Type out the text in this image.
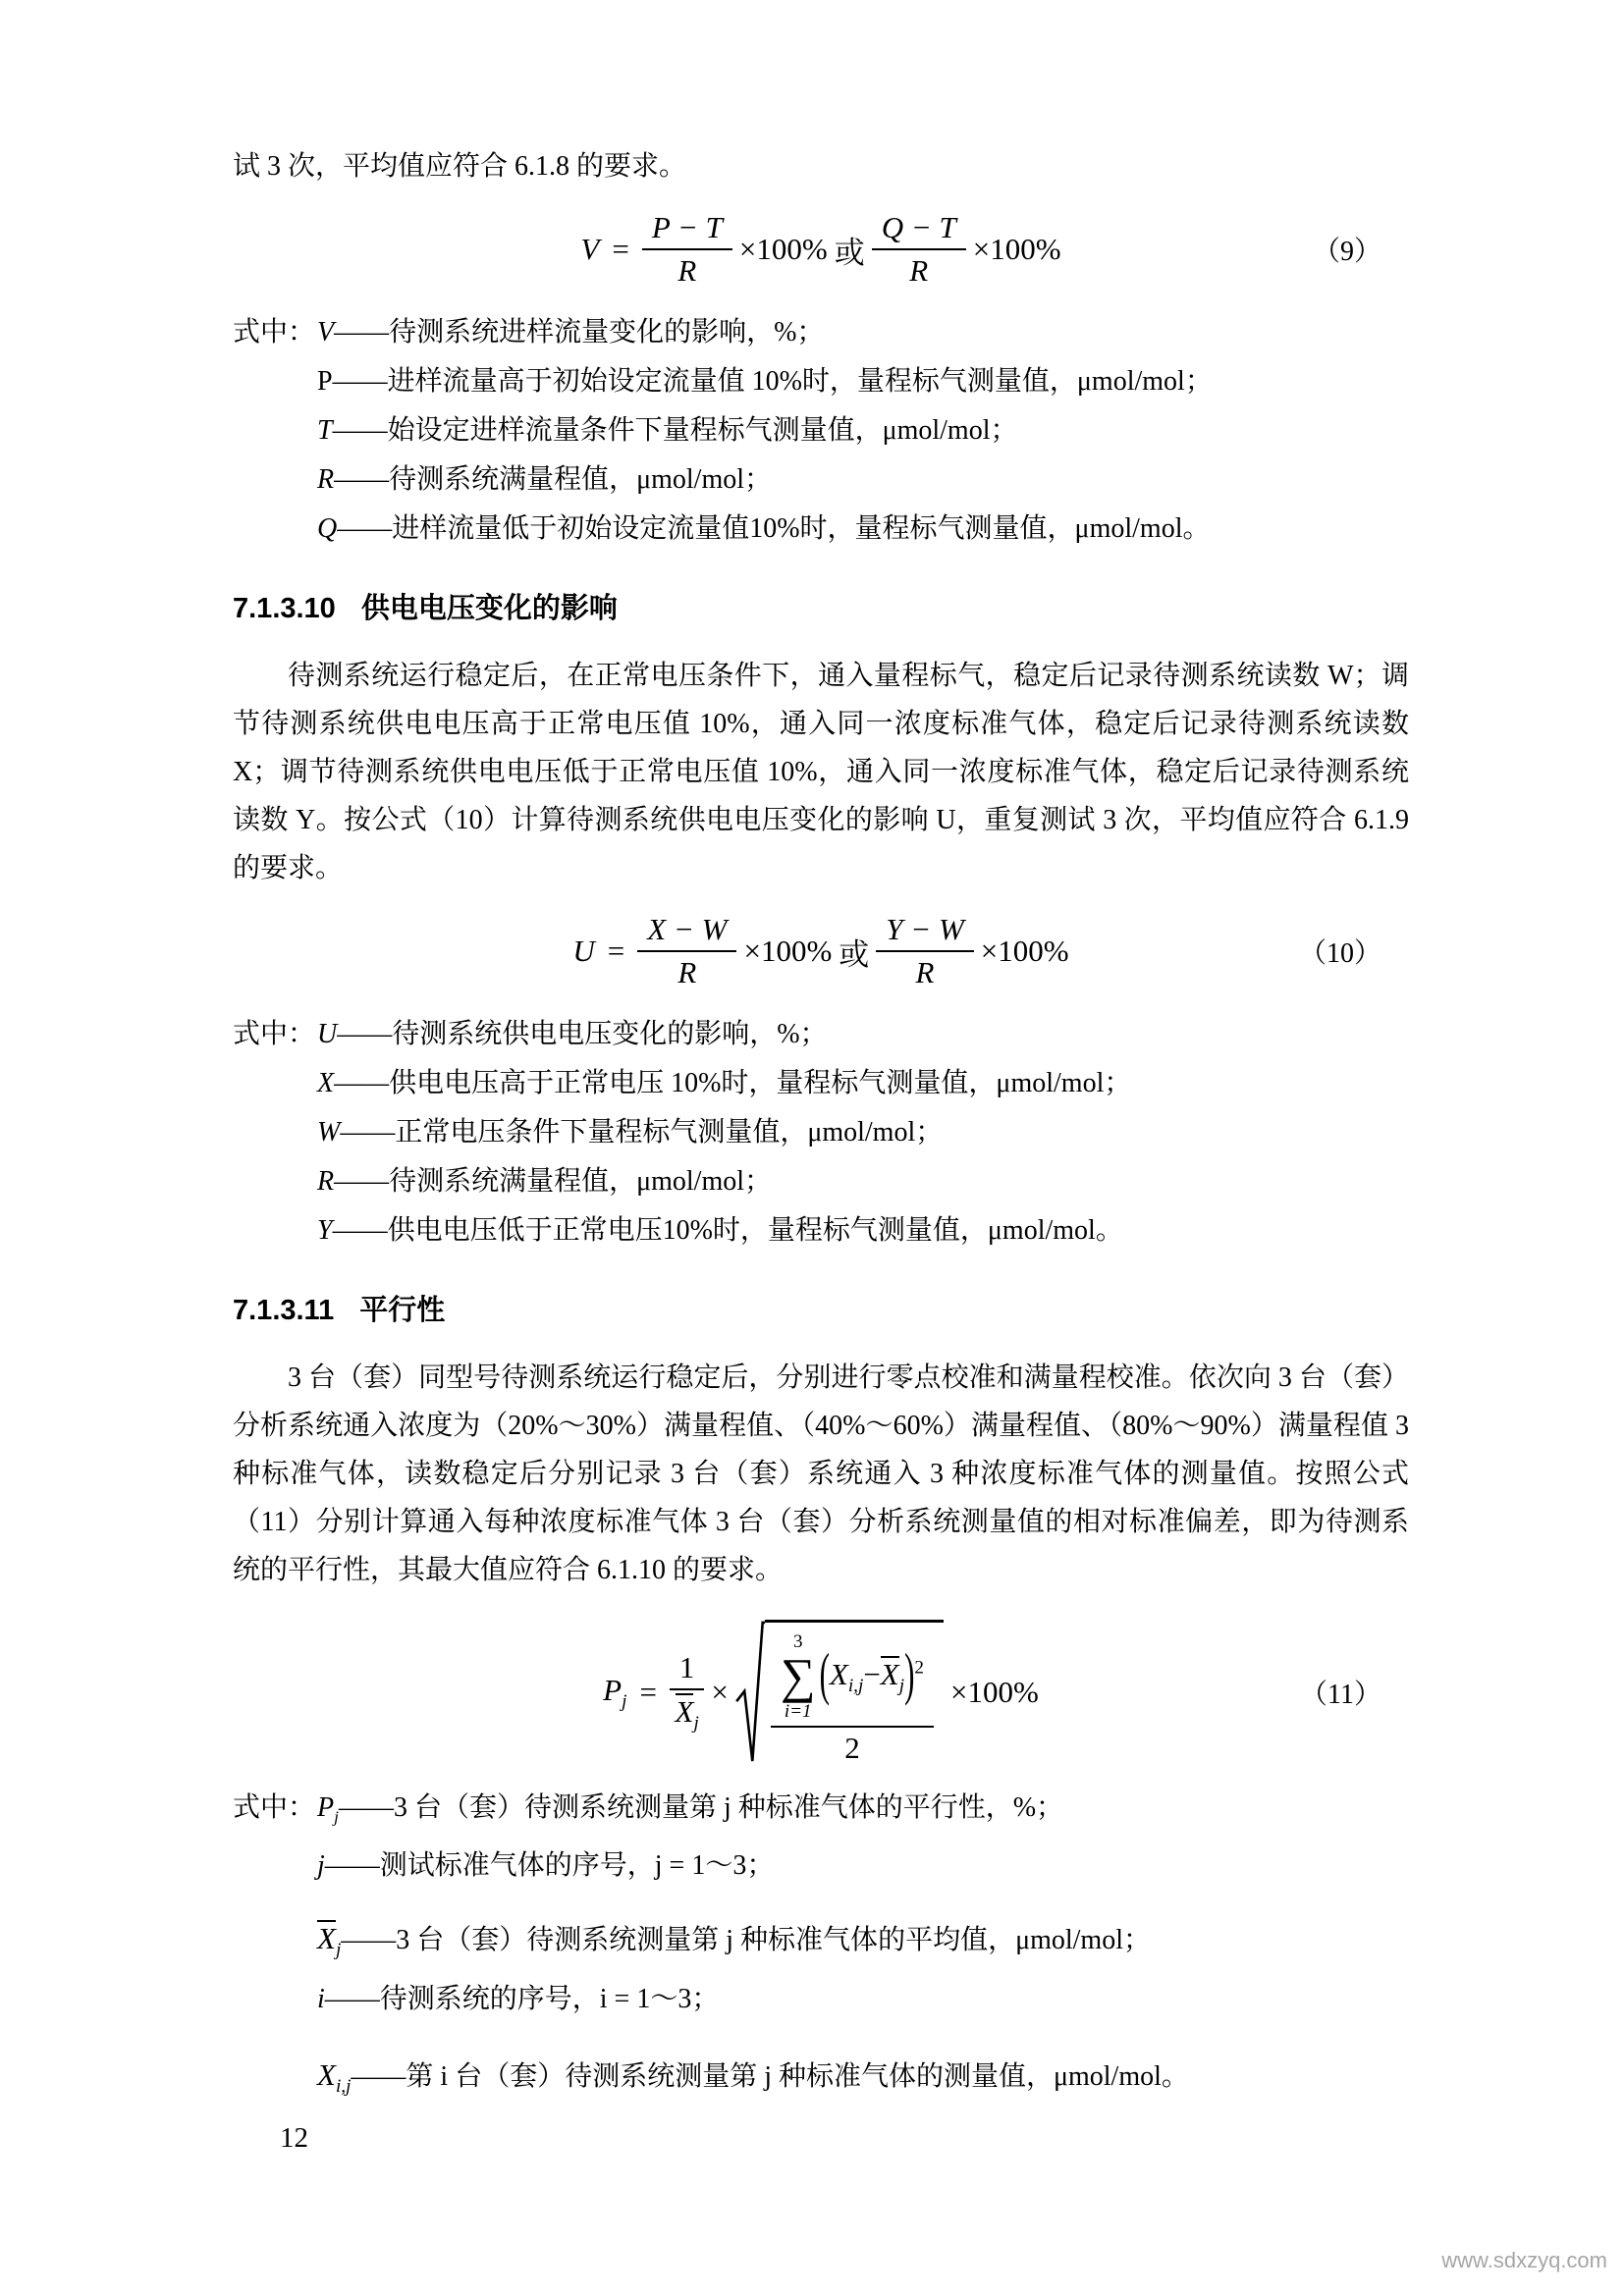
试 3 次，平均值应符合 6.1.8 的要求。

$V = \frac{P - T}{R} \times 100\%$ 或 $\frac{Q - T}{R} \times 100\%$	（9）
式中： V ——待测系统进样流量变化的影响，%；
P ——进样流量高于初始设定流量值 10%时，量程标气测量值，μmol/mol；
T ——始设定进样流量条件下量程标气测量值，μmol/mol；
R ——待测系统满量程值，μmol/mol；
Q ——进样流量低于初始设定流量值10%时，量程标气测量值，μmol/mol。
7.1.3.10 供电电压变化的影响

待测系统运行稳定后，在正常电压条件下，通入量程标气，稳定后记录待测系统读数 W；调节待测系统供电电压高于正常电压值 10%，通入同一浓度标准气体，稳定后记录待测系统读数 X；调节待测系统供电电压低于正常电压值 10%，通入同一浓度标准气体，稳定后记录待测系统读数 Y。按公式（10）计算待测系统供电电压变化的影响 U，重复测试 3 次，平均值应符合 6.1.9 的要求。

$U = \frac{X - W}{R} \times 100\%$ 或 $\frac{Y - W}{R} \times 100\%$	（10）
式中： U ——待测系统供电电压变化的影响，%；
X ——供电电压高于正常电压 10%时，量程标气测量值，μmol/mol；
W ——正常电压条件下量程标气测量值，μmol/mol；
R ——待测系统满量程值，μmol/mol；
Y ——供电电压低于正常电压10%时，量程标气测量值，μmol/mol。
7.1.3.11 平行性

3 台（套）同型号待测系统运行稳定后，分别进行零点校准和满量程校准。依次向 3 台（套）分析系统通入浓度为（20%～30%）满量程值、（40%～60%）满量程值、（80%～90%）满量程值 3 种标准气体，读数稳定后分别记录 3 台（套）系统通入 3 种浓度标准气体的测量值。按照公式（11）分别计算通入每种浓度标准气体 3 台（套）分析系统测量值的相对标准偏差，即为待测系统的平行性，其最大值应符合 6.1.10 的要求。

$P_j = \frac{1}{X_j}$ ×
3
∑
i=1
$(X_{i,j}-X_j)^2$
2
×100%	（11）
式中： $P_j$ ——3 台（套）待测系统测量第 j 种标准气体的平行性，%；
j ——测试标准气体的序号，j = 1～3；
$X_j$ ——3 台（套）待测系统测量第 j 种标准气体的平均值，μmol/mol；
i ——待测系统的序号，i = 1～3；
$X_{i,j}$ ——第 i 台（套）待测系统测量第 j 种标准气体的测量值，μmol/mol。
12
www.sdxzyq.com
